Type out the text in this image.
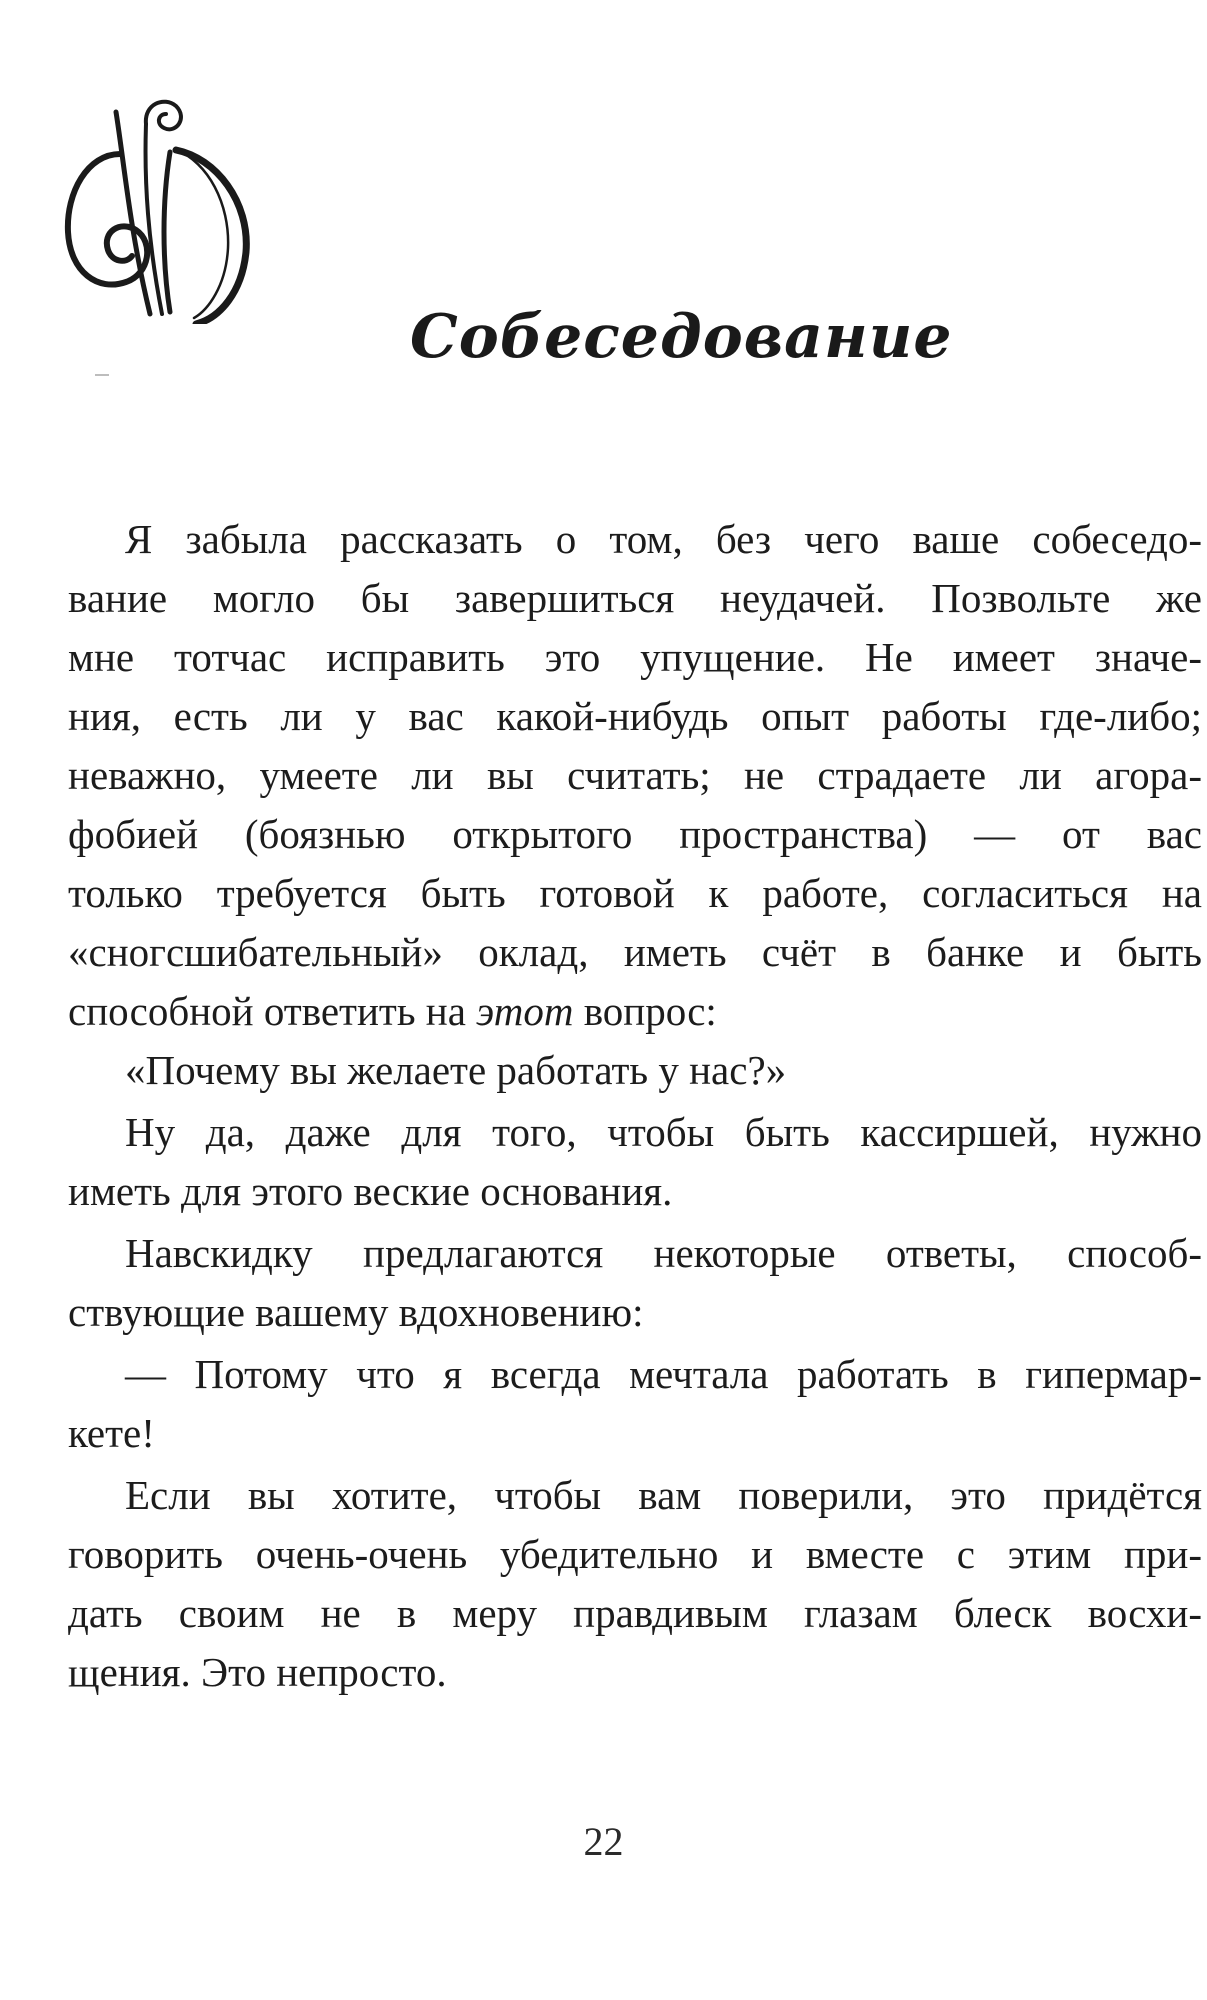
Собеседование
Я забыла рассказать о том, без чего ваше собеседо-
вание могло бы завершиться неудачей. Позвольте же
мне тотчас исправить это упущение. Не имеет значе-
ния, есть ли у вас какой-нибудь опыт работы где-либо;
неважно, умеете ли вы считать; не страдаете ли агора-
фобией (боязнью открытого пространства) — от вас
только требуется быть готовой к работе, согласиться на
«сногсшибательный» оклад, иметь счёт в банке и быть
способной ответить на этот вопрос:
«Почему вы желаете работать у нас?»
Ну да, даже для того, чтобы быть кассиршей, нужно
иметь для этого веские основания.
Навскидку предлагаются некоторые ответы, способ-
ствующие вашему вдохновению:
— Потому что я всегда мечтала работать в гипермар-
кете!
Если вы хотите, чтобы вам поверили, это придётся
говорить очень-очень убедительно и вместе с этим при-
дать своим не в меру правдивым глазам блеск восхи-
щения. Это непросто.
22
